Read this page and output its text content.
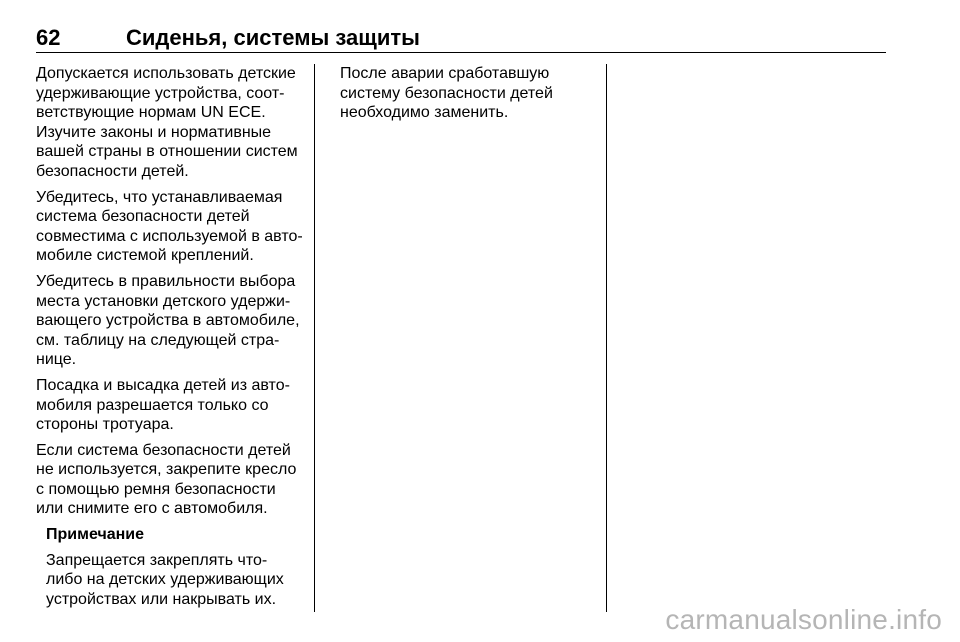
62	Сиденья, системы защиты

Допускается использовать детские
удерживающие устройства, соот-
ветствующие нормам UN ECE.
Изучите законы и нормативные
вашей страны в отношении систем
безопасности детей.

Убедитесь, что устанавливаемая
система безопасности детей
совместима с используемой в авто-
мобиле системой креплений.

Убедитесь в правильности выбора
места установки детского удержи-
вающего устройства в автомобиле,
см. таблицу на следующей стра-
нице.

Посадка и высадка детей из авто-
мобиля разрешается только со
стороны тротуара.

Если система безопасности детей
не используется, закрепите кресло
с помощью ремня безопасности
или снимите его с автомобиля.

Примечание

Запрещается закреплять что-
либо на детских удерживающих
устройствах или накрывать их.

После аварии сработавшую
систему безопасности детей
необходимо заменить.

carmanualsonline.info
